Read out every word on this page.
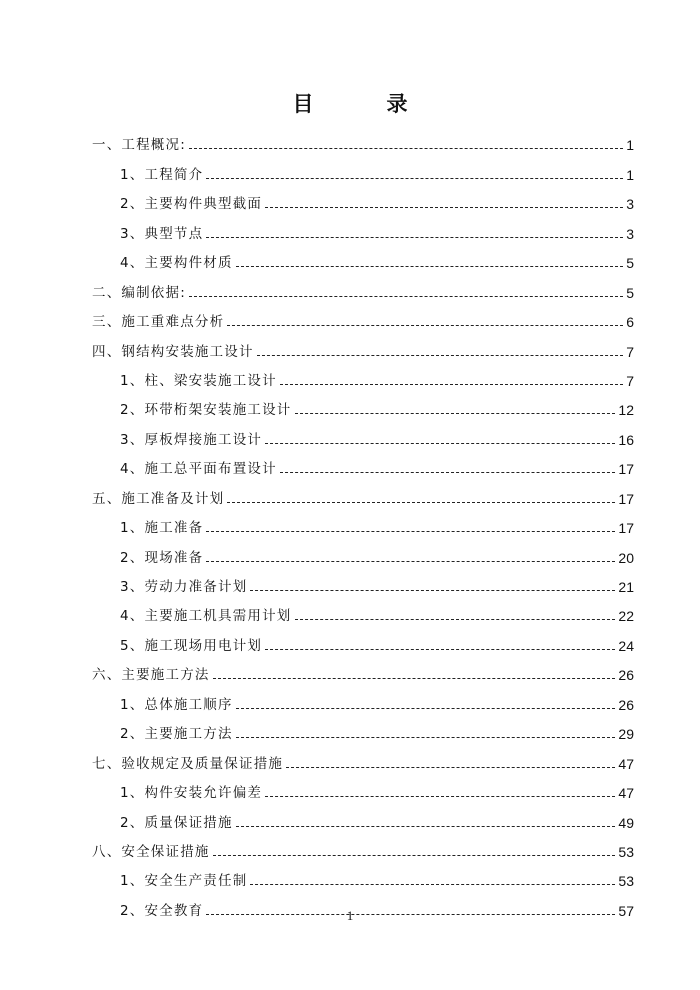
目　录
一、工程概况:	1
1、工程简介	1
2、主要构件典型截面	3
3、典型节点	3
4、主要构件材质	5
二、编制依据:	5
三、施工重难点分析	6
四、钢结构安装施工设计	7
1、柱、梁安装施工设计	7
2、环带桁架安装施工设计	12
3、厚板焊接施工设计	16
4、施工总平面布置设计	17
五、施工准备及计划	17
1、施工准备	17
2、现场准备	20
3、劳动力准备计划	21
4、主要施工机具需用计划	22
5、施工现场用电计划	24
六、主要施工方法	26
1、总体施工顺序	26
2、主要施工方法	29
七、验收规定及质量保证措施	47
1、构件安装允许偏差	47
2、质量保证措施	49
八、安全保证措施	53
1、安全生产责任制	53
2、安全教育	57
1
